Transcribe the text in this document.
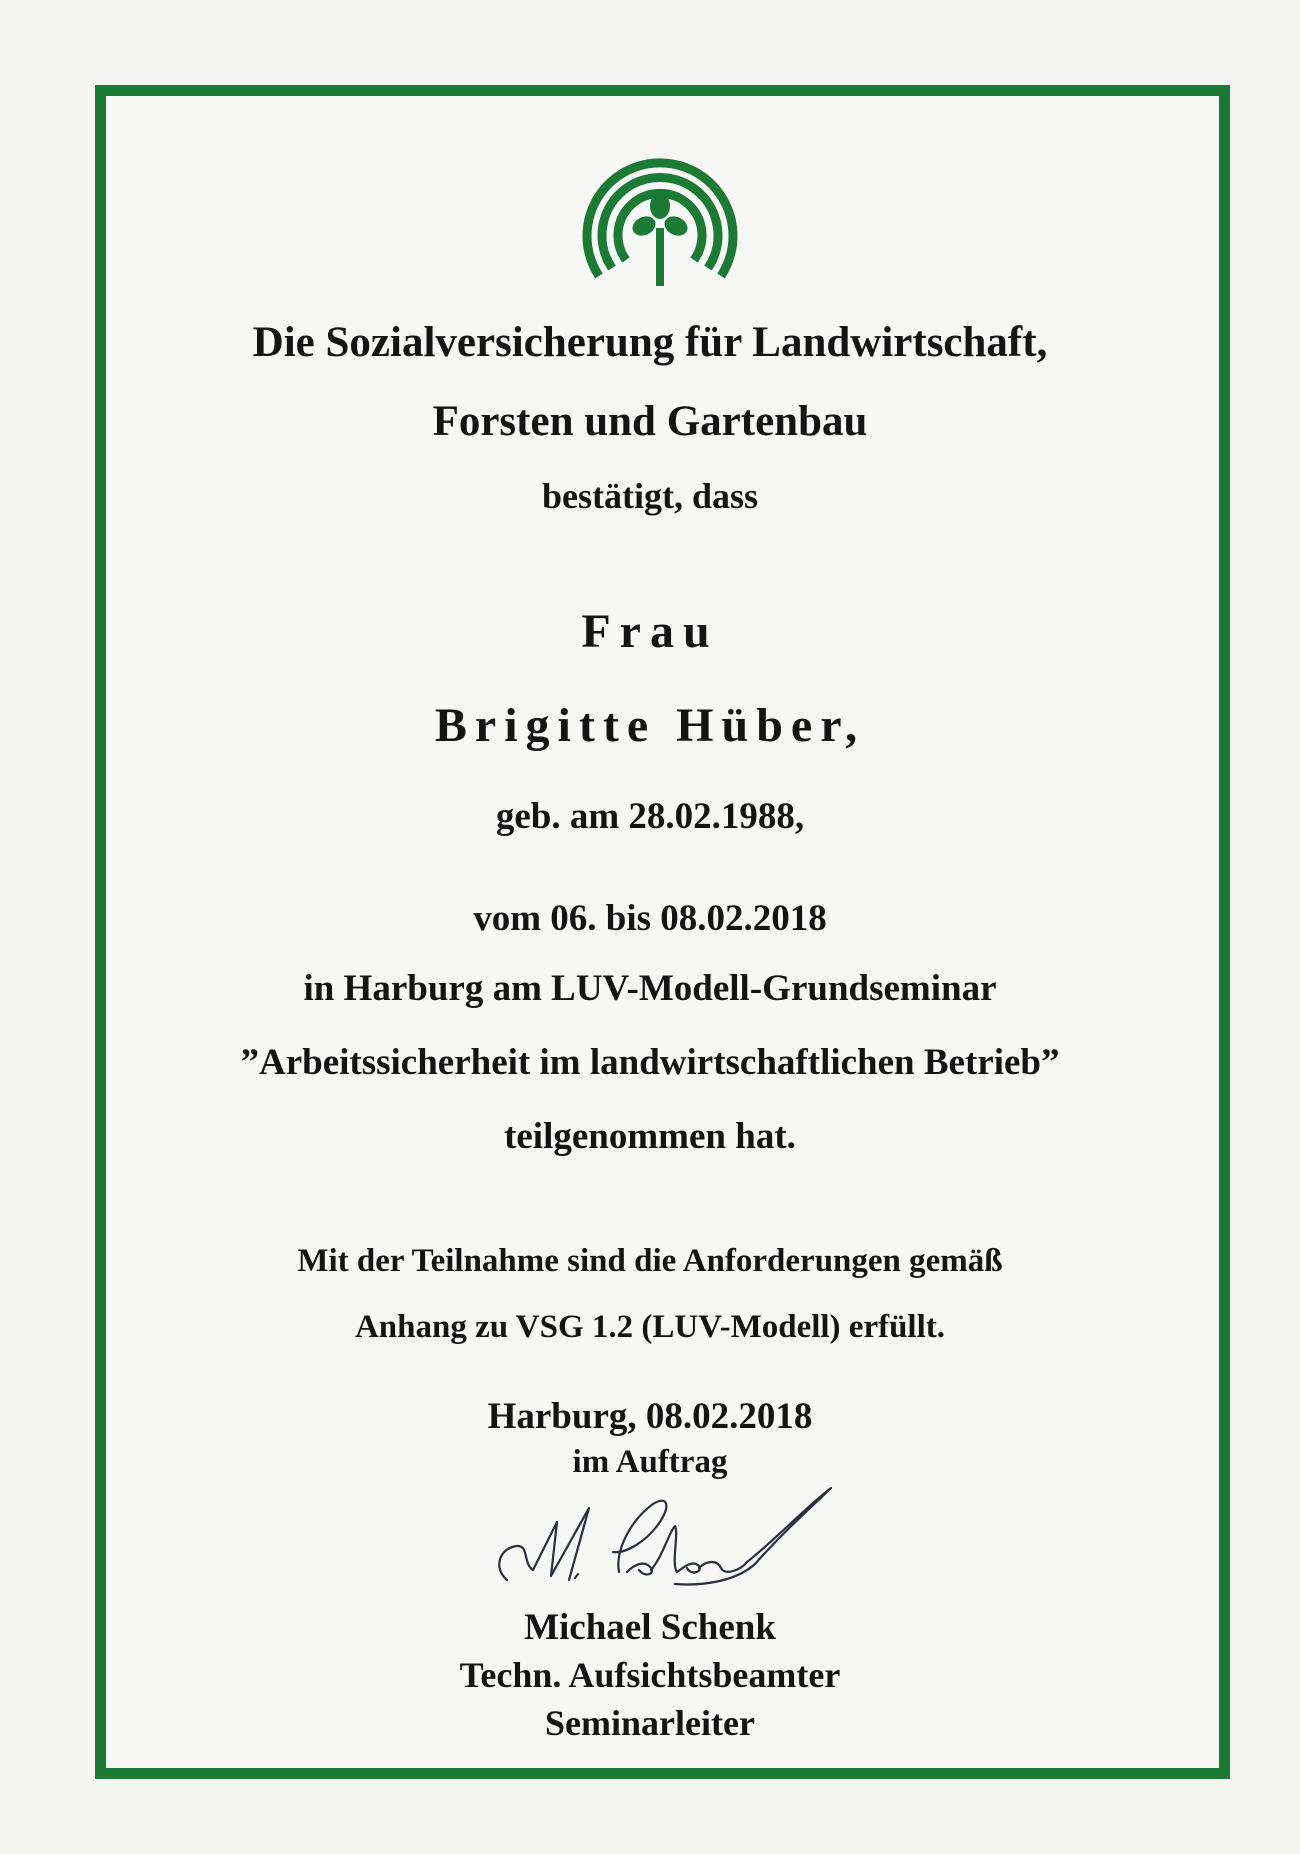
Die Sozialversicherung für Landwirtschaft,
Forsten und Gartenbau
bestätigt, dass
Frau
Brigitte Hüber,
geb. am 28.02.1988,
vom 06. bis 08.02.2018
in Harburg am LUV-Modell-Grundseminar
”Arbeitssicherheit im landwirtschaftlichen Betrieb”
teilgenommen hat.
Mit der Teilnahme sind die Anforderungen gemäß
Anhang zu VSG 1.2 (LUV-Modell) erfüllt.
Harburg, 08.02.2018
im Auftrag
Michael Schenk
Techn. Aufsichtsbeamter
Seminarleiter
